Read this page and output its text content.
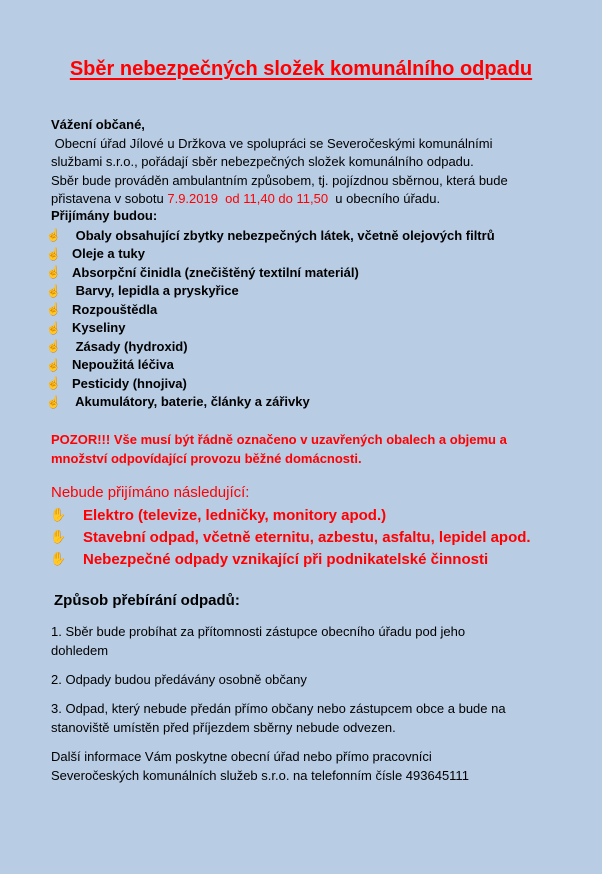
Sběr nebezpečných složek komunálního odpadu
Vážení občané,
Obecní úřad Jílové u Držkova ve spolupráci se Severočeskými komunálními
službami s.r.o., pořádají sběr nebezpečných složek komunálního odpadu.
Sběr bude prováděn ambulantním způsobem, tj. pojízdnou sběrnou, která bude
přistavena v sobotu 7.9.2019  od 11,40 do 11,50  u obecního úřadu.
Přijímány budou:
☝ Obaly obsahující zbytky nebezpečných látek, včetně olejových filtrů
☝ Oleje a tuky
☝ Absorpční činidla (znečištěný textilní materiál)
☝ Barvy, lepidla a pryskyřice
☝ Rozpouštědla
☝ Kyseliny
☝ Zásady (hydroxid)
☝ Nepoužitá léčiva
☝ Pesticidy (hnojiva)
☝ Akumulátory, baterie, články a zářivky
POZOR!!! Vše musí být řádně označeno v uzavřených obalech a objemu a
množství odpovídající provozu běžné domácnosti.
Nebude přijímáno následující:
✋	Elektro (televize, ledničky, monitory apod.)
✋	Stavební odpad, včetně eternitu, azbestu, asfaltu, lepidel apod.
✋	Nebezpečné odpady vznikající při podnikatelské činnosti
Způsob přebírání odpadů:
1. Sběr bude probíhat za přítomnosti zástupce obecního úřadu pod jeho
dohledem
2. Odpady budou předávány osobně občany
3. Odpad, který nebude předán přímo občany nebo zástupcem obce a bude na
stanoviště umístěn před příjezdem sběrny nebude odvezen.
Další informace Vám poskytne obecní úřad nebo přímo pracovníci
Severočeských komunálních služeb s.r.o. na telefonním čísle 493645111
